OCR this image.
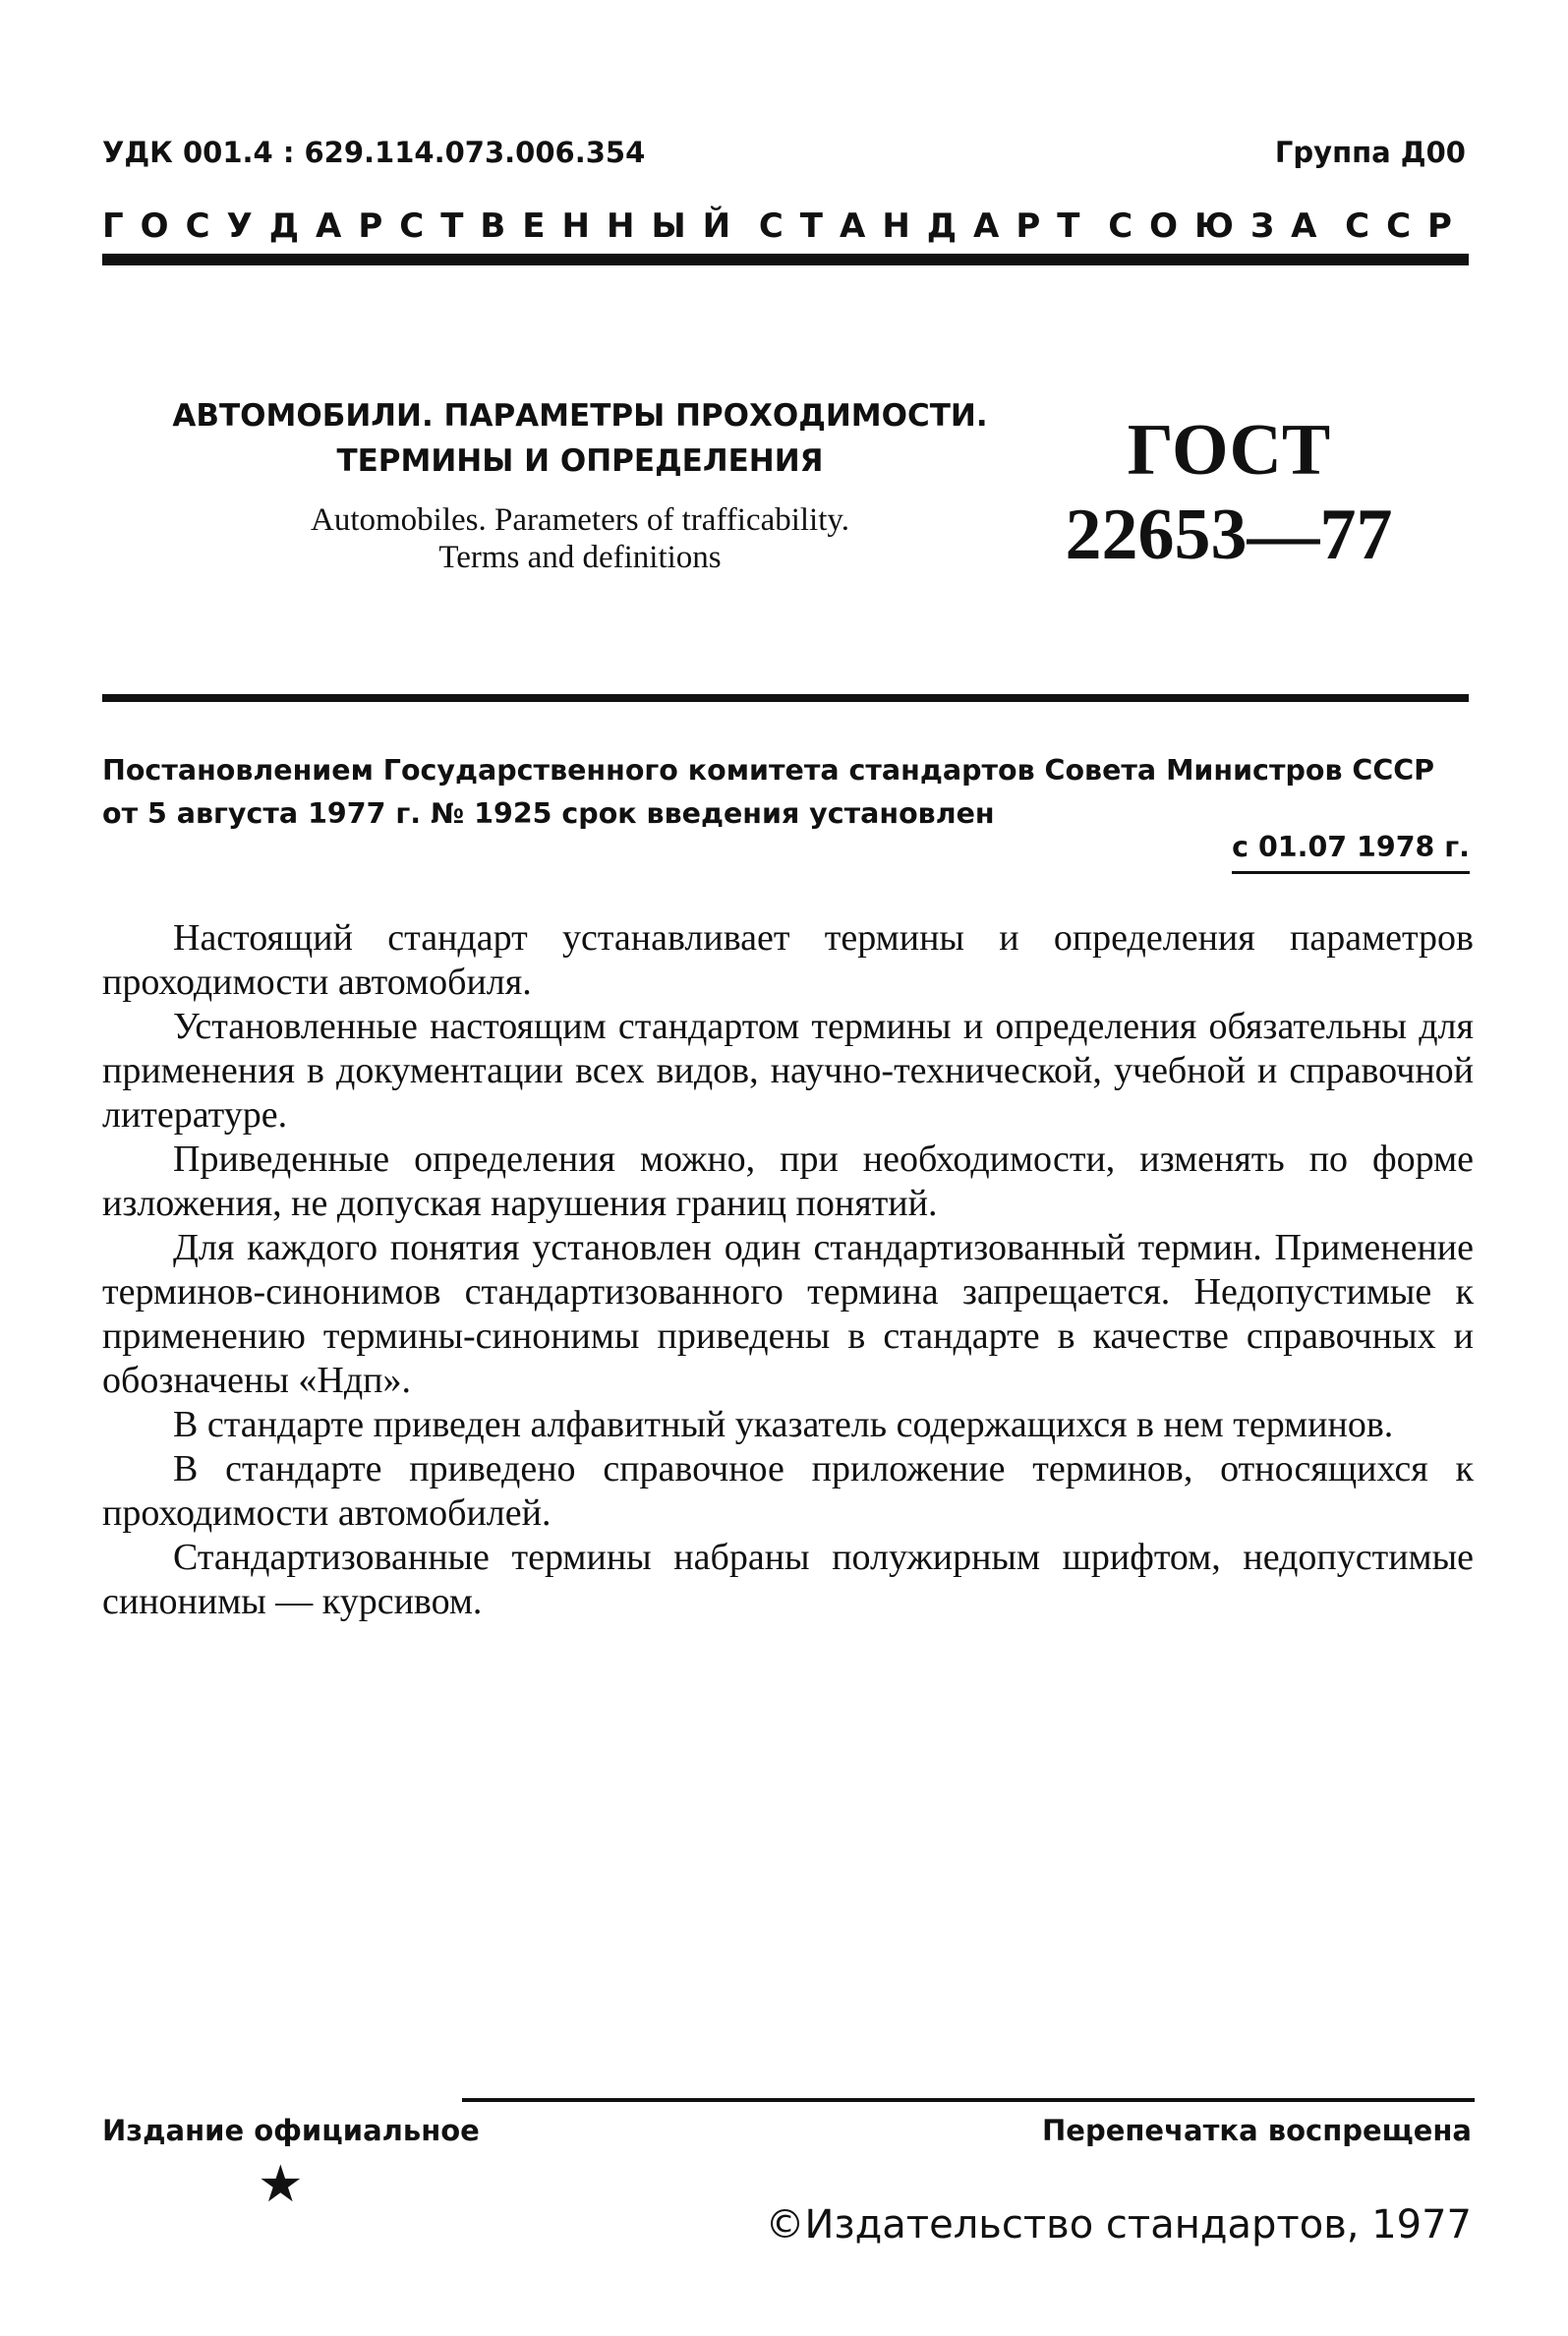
УДК 001.4 : 629.114.073.006.354	Группа Д00
ГОСУДАРСТВЕННЫЙ СТАНДАРТ СОЮЗА ССР
АВТОМОБИЛИ. ПАРАМЕТРЫ ПРОХОДИМОСТИ.
ТЕРМИНЫ И ОПРЕДЕЛЕНИЯ
Automobiles. Parameters of trafficability.
Terms and definitions
ГОСТ
22653—77
Постановлением Государственного комитета стандартов Совета Министров СССР от 5 августа 1977 г. № 1925 срок введения установлен
с 01.07 1978 г.

Настоящий стандарт устанавливает термины и определения параметров проходимости автомобиля.

Установленные настоящим стандартом термины и определения обязательны для применения в документации всех видов, научно-технической, учебной и справочной литературе.

Приведенные определения можно, при необходимости, изменять по форме изложения, не допуская нарушения границ понятий.

Для каждого понятия установлен один стандартизованный термин. Применение терминов-синонимов стандартизованного термина запрещается. Недопустимые к применению термины-синонимы приведены в стандарте в качестве справочных и обозначены «Ндп».

В стандарте приведен алфавитный указатель содержащихся в нем терминов.

В стандарте приведено справочное приложение терминов, относящихся к проходимости автомобилей.

Стандартизованные термины набраны полужирным шрифтом, недопустимые синонимы — курсивом.

Издание официальное	Перепечатка воспрещена
★
©Издательство стандартов, 1977
